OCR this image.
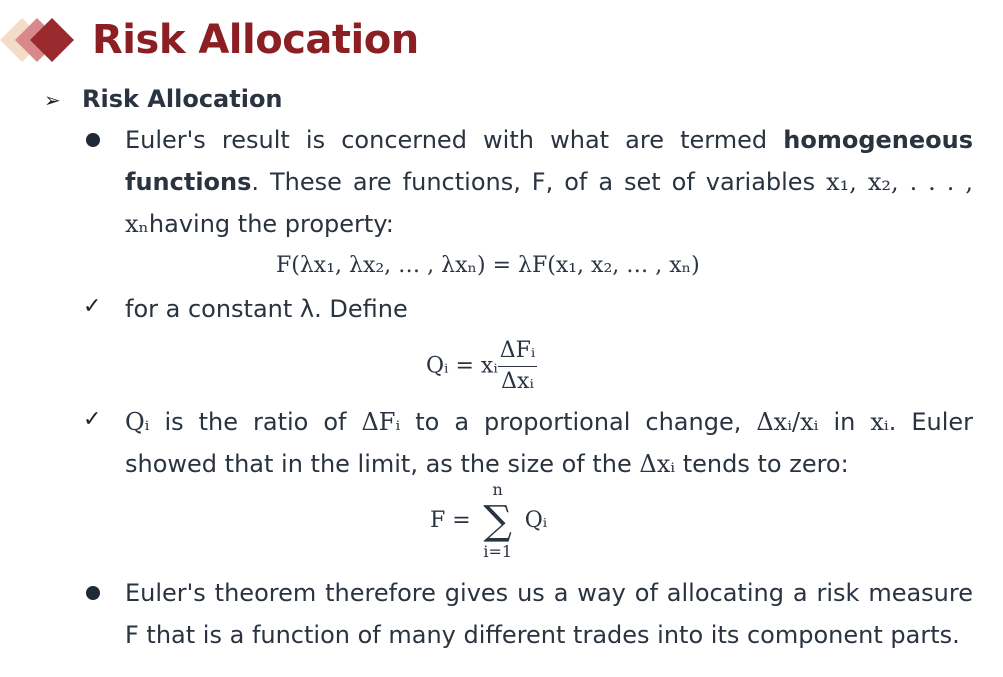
Risk Allocation
➢ Risk Allocation
Euler's result is concerned with what are termed homogeneous functions. These are functions, F, of a set of variables x₁, x₂, . . . , xₙhaving the property:
F(λx₁, λx₂, … , λxₙ) = λF(x₁, x₂, … , xₙ)
✓ for a constant λ. Define
Qᵢ = xᵢ $\frac{\text{ΔFᵢ}}{\text{Δxᵢ}}$
✓ Qᵢ is the ratio of ΔFᵢ to a proportional change, Δxᵢ/xᵢ in xᵢ. Euler showed that in the limit, as the size of the Δxᵢ tends to zero:
F =
n
∑
i=1
Qᵢ
Euler's theorem therefore gives us a way of allocating a risk measure F that is a function of many different trades into its component parts.
